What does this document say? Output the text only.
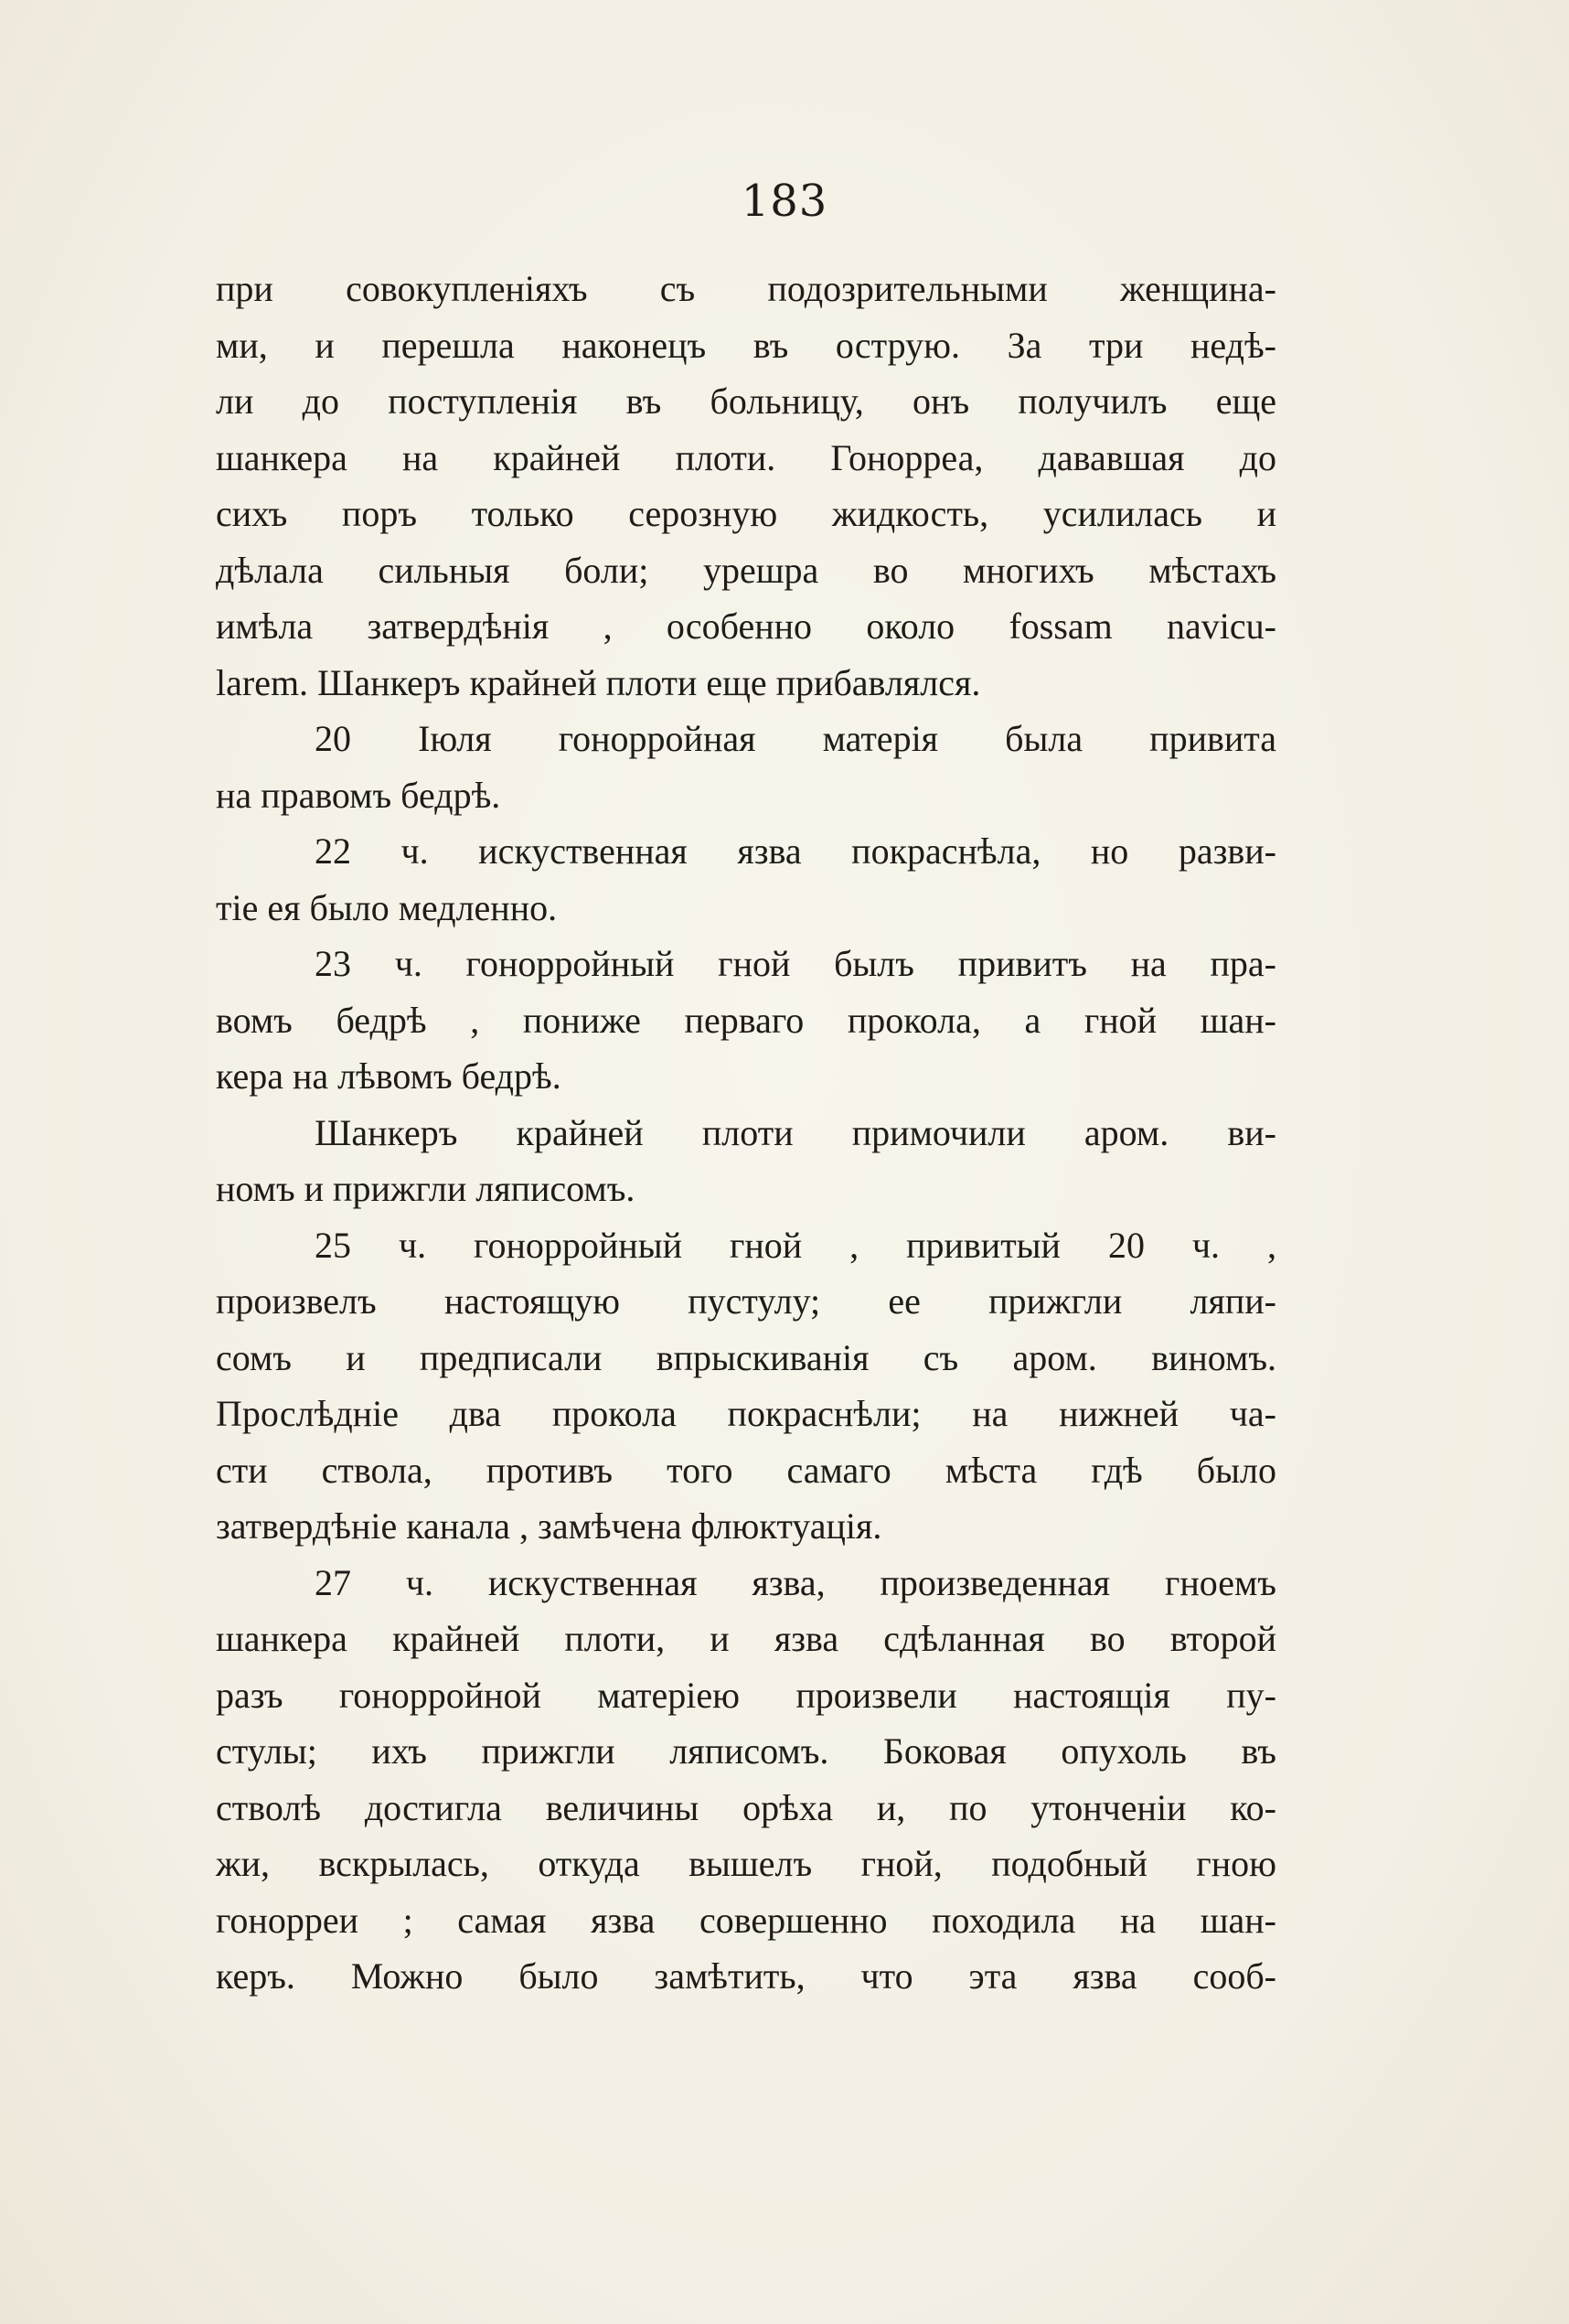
183
при совокупленіяхъ съ подозрительными женщина-
ми, и перешла наконецъ въ острую. За три недѣ-
ли до поступленія въ больницу, онъ получилъ еще
шанкера на крайней плоти. Гонорреа, дававшая до
сихъ поръ только серозную жидкость, усилилась и
дѣлала сильныя боли; урешра во многихъ мѣстахъ
имѣла затвердѣнія , особенно около fossam navicu-
larem. Шанкеръ крайней плоти еще прибавлялся.
20 Іюля гонорройная матерія была привита
на правомъ бедрѣ.
22 ч. искуственная язва покраснѣла, но разви-
тіе ея было медленно.
23 ч. гонорройный гной былъ привитъ на пра-
вомъ бедрѣ , пониже перваго прокола, а гной шан-
кера на лѣвомъ бедрѣ.
Шанкеръ крайней плоти примочили аром. ви-
номъ и прижгли ляписомъ.
25 ч. гонорройный гной , привитый 20 ч. ,
произвелъ настоящую пустулу; ее прижгли ляпи-
сомъ и предписали впрыскиванія съ аром. виномъ.
Прослѣдніе два прокола покраснѣли; на нижней ча-
сти ствола, противъ того самаго мѣста гдѣ было
затвердѣніе канала , замѣчена флюктуація.
27 ч. искуственная язва, произведенная гноемъ
шанкера крайней плоти, и язва сдѣланная во второй
разъ гонорройной матеріею произвели настоящія пу-
стулы; ихъ прижгли ляписомъ. Боковая опухоль въ
стволѣ достигла величины орѣха и, по утонченіи ко-
жи, вскрылась, откуда вышелъ гной, подобный гною
гонорреи ; самая язва совершенно походила на шан-
керъ. Можно было замѣтить, что эта язва сооб-
